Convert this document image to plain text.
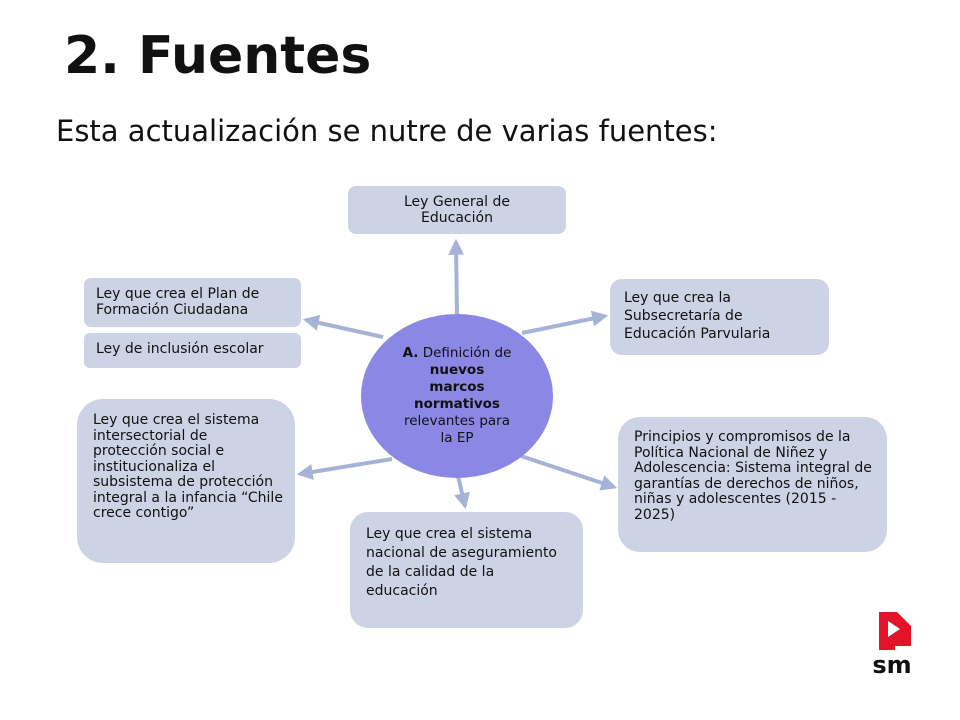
2. Fuentes
Esta actualización se nutre de varias fuentes:
Ley General de Educación
Ley que crea el Plan de Formación Ciudadana
Ley de inclusión escolar
Ley que crea el sistema intersectorial de protección social e institucionaliza el subsistema de protección integral a la infancia “Chile crece contigo”
Ley que crea el sistema nacional de aseguramiento de la calidad de la educación
Ley que crea la Subsecretaría de Educación Parvularia
Principios y compromisos de la Política Nacional de Niñez y Adolescencia: Sistema integral de garantías de derechos de niños, niñas y adolescentes (2015 - 2025)
A. Definición de nuevos marcos normativos relevantes para la EP
sm
